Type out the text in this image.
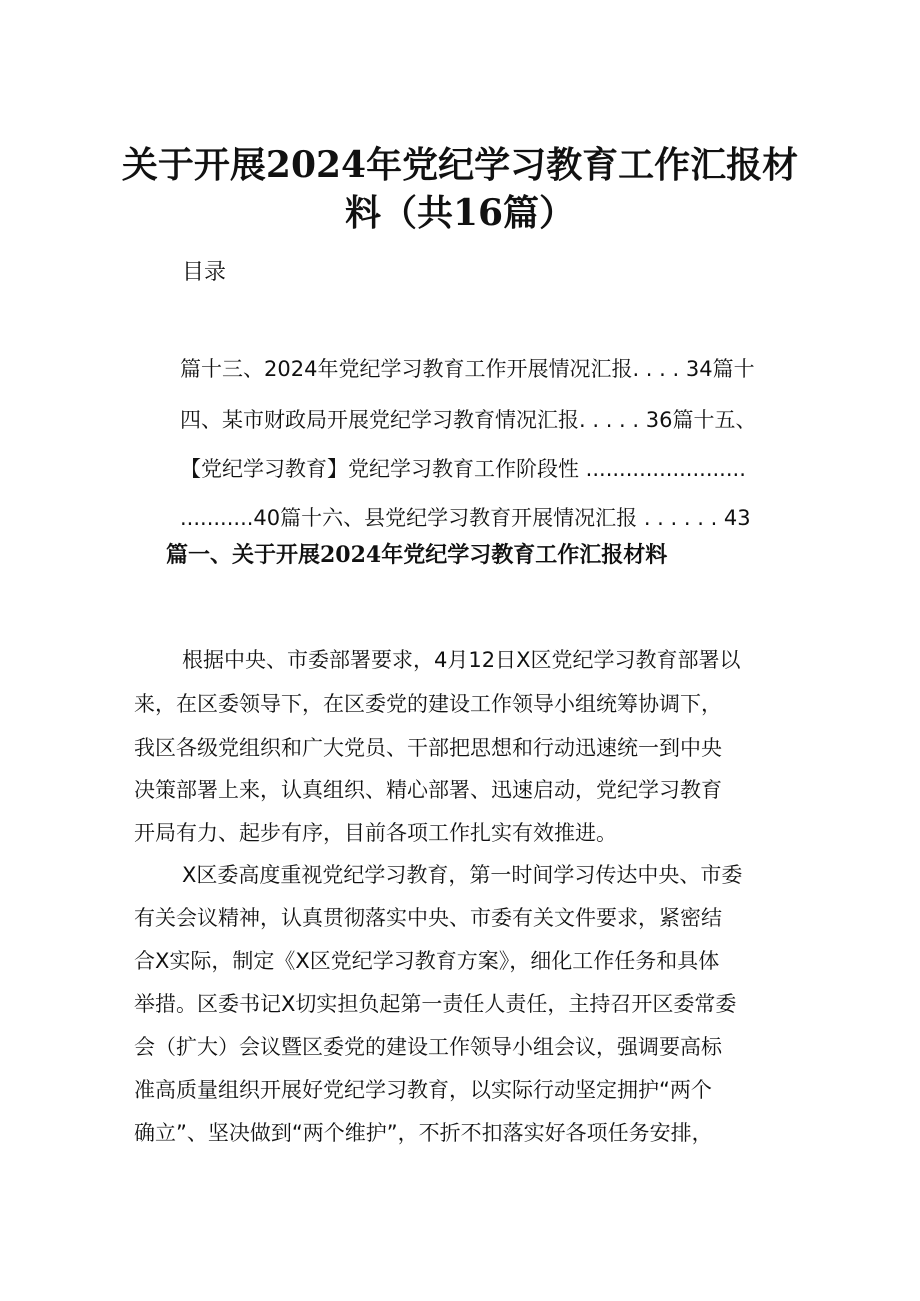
关于开展2024年党纪学习教育工作汇报材
料（共16篇）
目录
篇十三、2024年党纪学习教育工作开展情况汇报. . . . 34篇十
四、某市财政局开展党纪学习教育情况汇报. . . . . 36篇十五、
【党纪学习教育】党纪学习教育工作阶段性 ........................
...........40篇十六、县党纪学习教育开展情况汇报 . . . . . . 43
篇一、关于开展2024年党纪学习教育工作汇报材料
根据中央、市委部署要求，4月12日X区党纪学习教育部署以
来，在区委领导下，在区委党的建设工作领导小组统筹协调下，
我区各级党组织和广大党员、干部把思想和行动迅速统一到中央
决策部署上来，认真组织、精心部署、迅速启动，党纪学习教育
开局有力、起步有序，目前各项工作扎实有效推进。
X区委高度重视党纪学习教育，第一时间学习传达中央、市委
有关会议精神，认真贯彻落实中央、市委有关文件要求，紧密结
合X实际，制定《X区党纪学习教育方案》，细化工作任务和具体
举措。区委书记X切实担负起第一责任人责任，主持召开区委常委
会（扩大）会议暨区委党的建设工作领导小组会议，强调要高标
准高质量组织开展好党纪学习教育，以实际行动坚定拥护“两个
确立”、坚决做到“两个维护”，不折不扣落实好各项任务安排，
